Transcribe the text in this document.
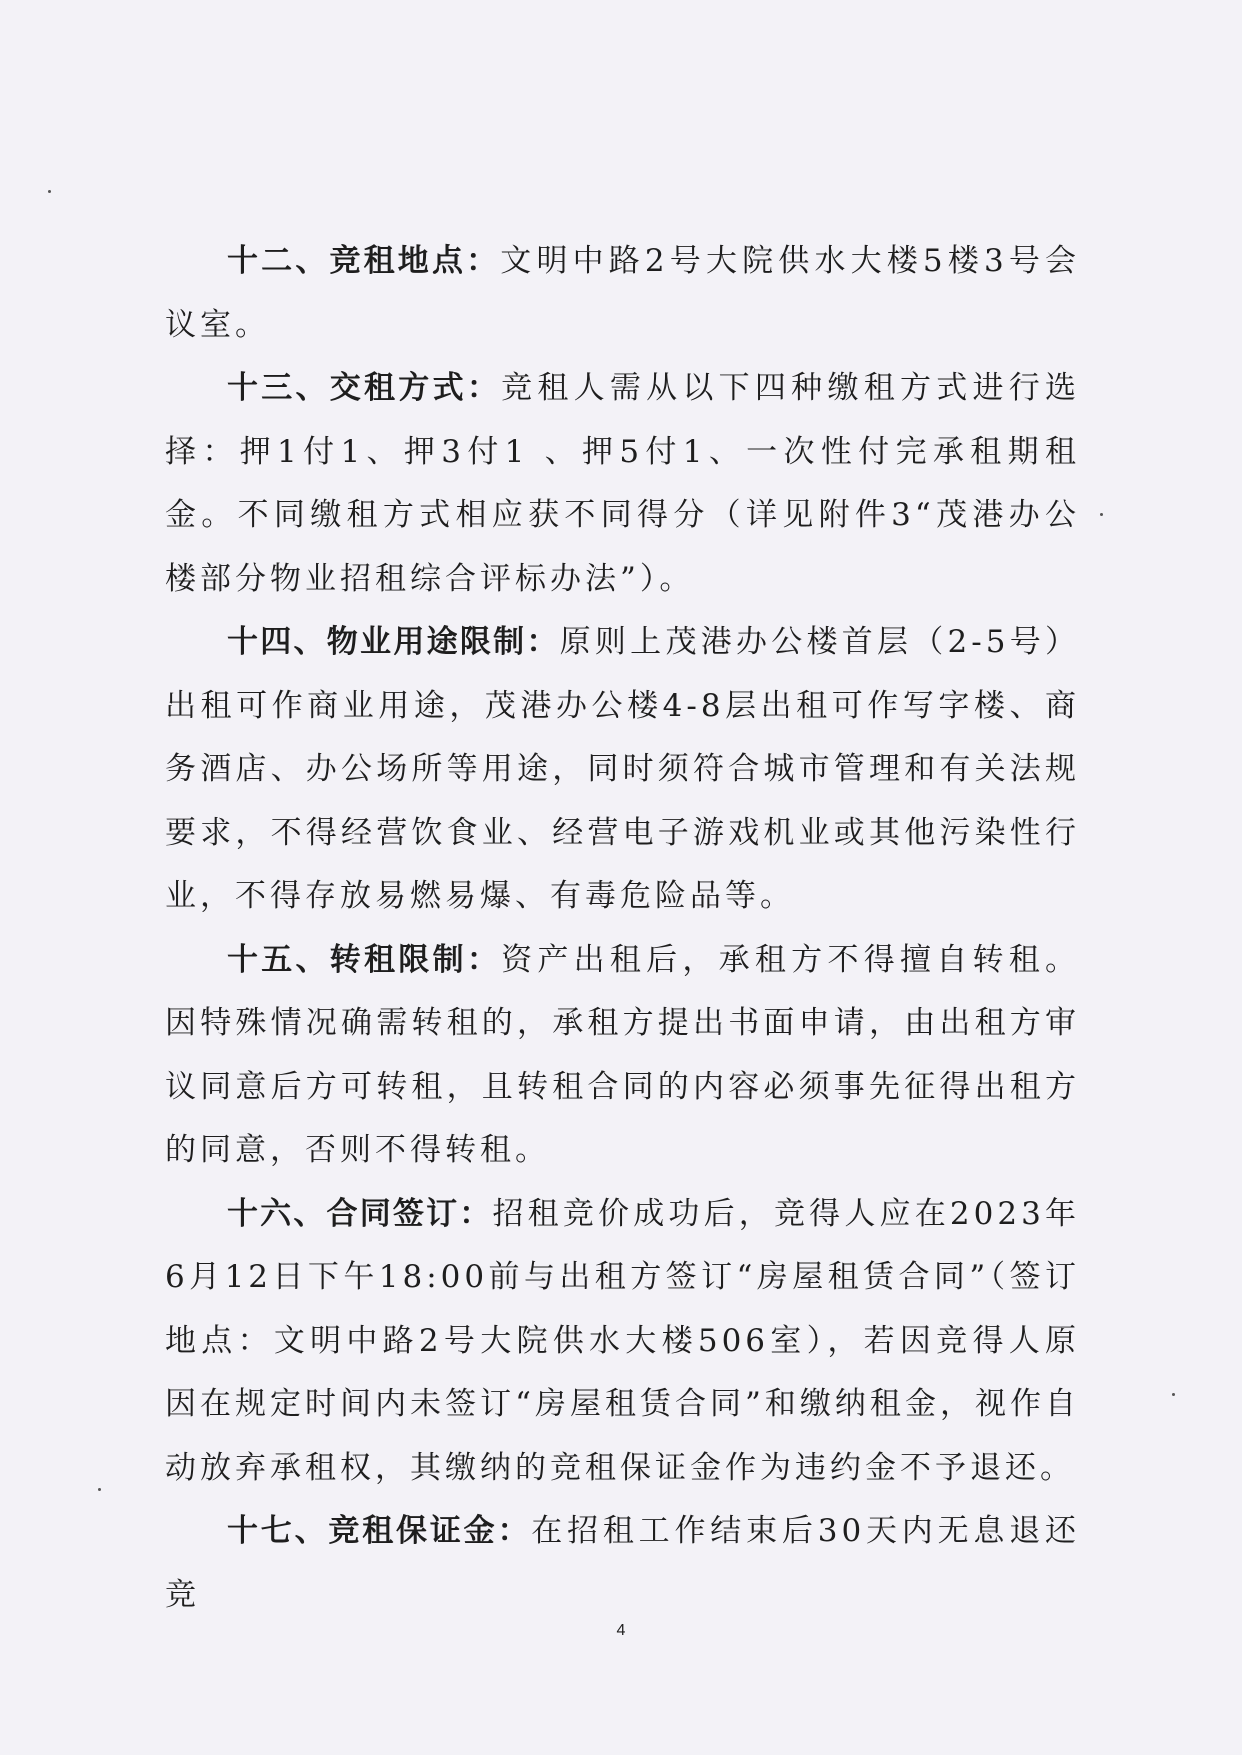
十二、竞租地点：文明中路2号大院供水大楼5楼3号会议室。

十三、交租方式：竞租人需从以下四种缴租方式进行选择：押1付1、押3付1 、押5付1、一次性付完承租期租金。不同缴租方式相应获不同得分（详见附件3“茂港办公楼部分物业招租综合评标办法”）。

十四、物业用途限制：原则上茂港办公楼首层（2-5号）出租可作商业用途，茂港办公楼4-8层出租可作写字楼、商务酒店、办公场所等用途，同时须符合城市管理和有关法规要求，不得经营饮食业、经营电子游戏机业或其他污染性行业，不得存放易燃易爆、有毒危险品等。

十五、转租限制：资产出租后，承租方不得擅自转租。因特殊情况确需转租的，承租方提出书面申请，由出租方审议同意后方可转租，且转租合同的内容必须事先征得出租方的同意，否则不得转租。

十六、合同签订：招租竞价成功后，竞得人应在2023年6月12日下午18:00前与出租方签订“房屋租赁合同”（签订地点：文明中路2号大院供水大楼506室），若因竞得人原因在规定时间内未签订“房屋租赁合同”和缴纳租金，视作自动放弃承租权，其缴纳的竞租保证金作为违约金不予退还。

十七、竞租保证金：在招租工作结束后30天内无息退还竞

4
